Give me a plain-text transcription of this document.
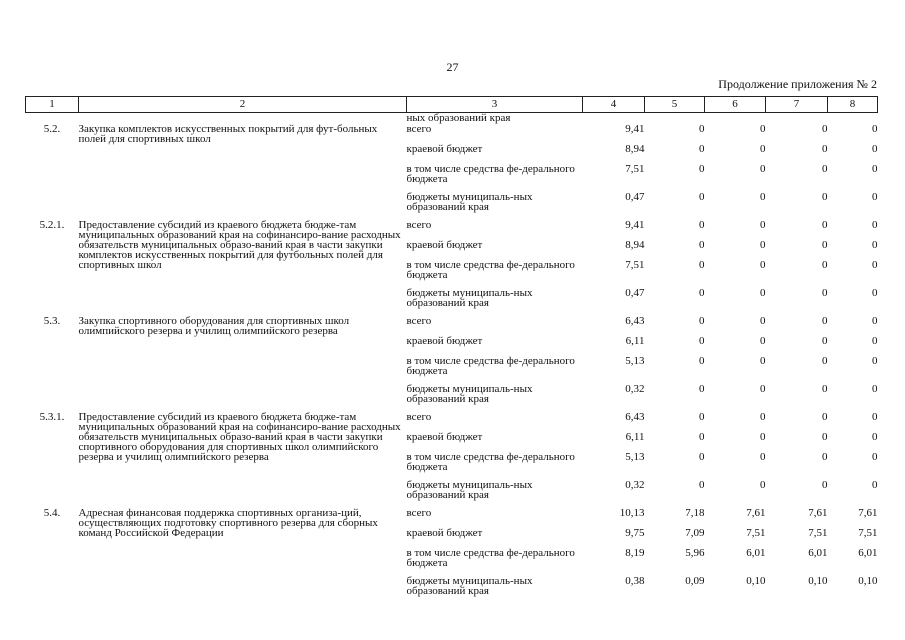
27
Продолжение приложения № 2
1	2	3	4	5	6	7	8
		ных образований края					
5.2.	Закупка комплектов искусственных покрытий для фут-больных полей для спортивных школ	всего	9,41	0	0	0	0
		краевой бюджет	8,94	0	0	0	0
		в том числе средства фе-дерального бюджета	7,51	0	0	0	0
		бюджеты муниципаль-ных образований края	0,47	0	0	0	0
5.2.1.	Предоставление субсидий из краевого бюджета бюдже-там муниципальных образований края на софинансиро-вание расходных обязательств муниципальных образо-ваний края в части закупки комплектов искусственных покрытий для футбольных полей для спортивных школ	всего	9,41	0	0	0	0
		краевой бюджет	8,94	0	0	0	0
		в том числе средства фе-дерального бюджета	7,51	0	0	0	0
		бюджеты муниципаль-ных образований края	0,47	0	0	0	0
5.3.	Закупка спортивного оборудования для спортивных школ олимпийского резерва и училищ олимпийского резерва	всего	6,43	0	0	0	0
		краевой бюджет	6,11	0	0	0	0
		в том числе средства фе-дерального бюджета	5,13	0	0	0	0
		бюджеты муниципаль-ных образований края	0,32	0	0	0	0
5.3.1.	Предоставление субсидий из краевого бюджета бюдже-там муниципальных образований края на софинансиро-вание расходных обязательств муниципальных образо-ваний края в части закупки спортивного оборудования для спортивных школ олимпийского резерва и училищ олимпийского резерва	всего	6,43	0	0	0	0
		краевой бюджет	6,11	0	0	0	0
		в том числе средства фе-дерального бюджета	5,13	0	0	0	0
		бюджеты муниципаль-ных образований края	0,32	0	0	0	0
5.4.	Адресная финансовая поддержка спортивных организа-ций, осуществляющих подготовку спортивного резерва для сборных команд Российской Федерации	всего	10,13	7,18	7,61	7,61	7,61
		краевой бюджет	9,75	7,09	7,51	7,51	7,51
		в том числе средства фе-дерального бюджета	8,19	5,96	6,01	6,01	6,01
		бюджеты муниципаль-ных образований края	0,38	0,09	0,10	0,10	0,10
